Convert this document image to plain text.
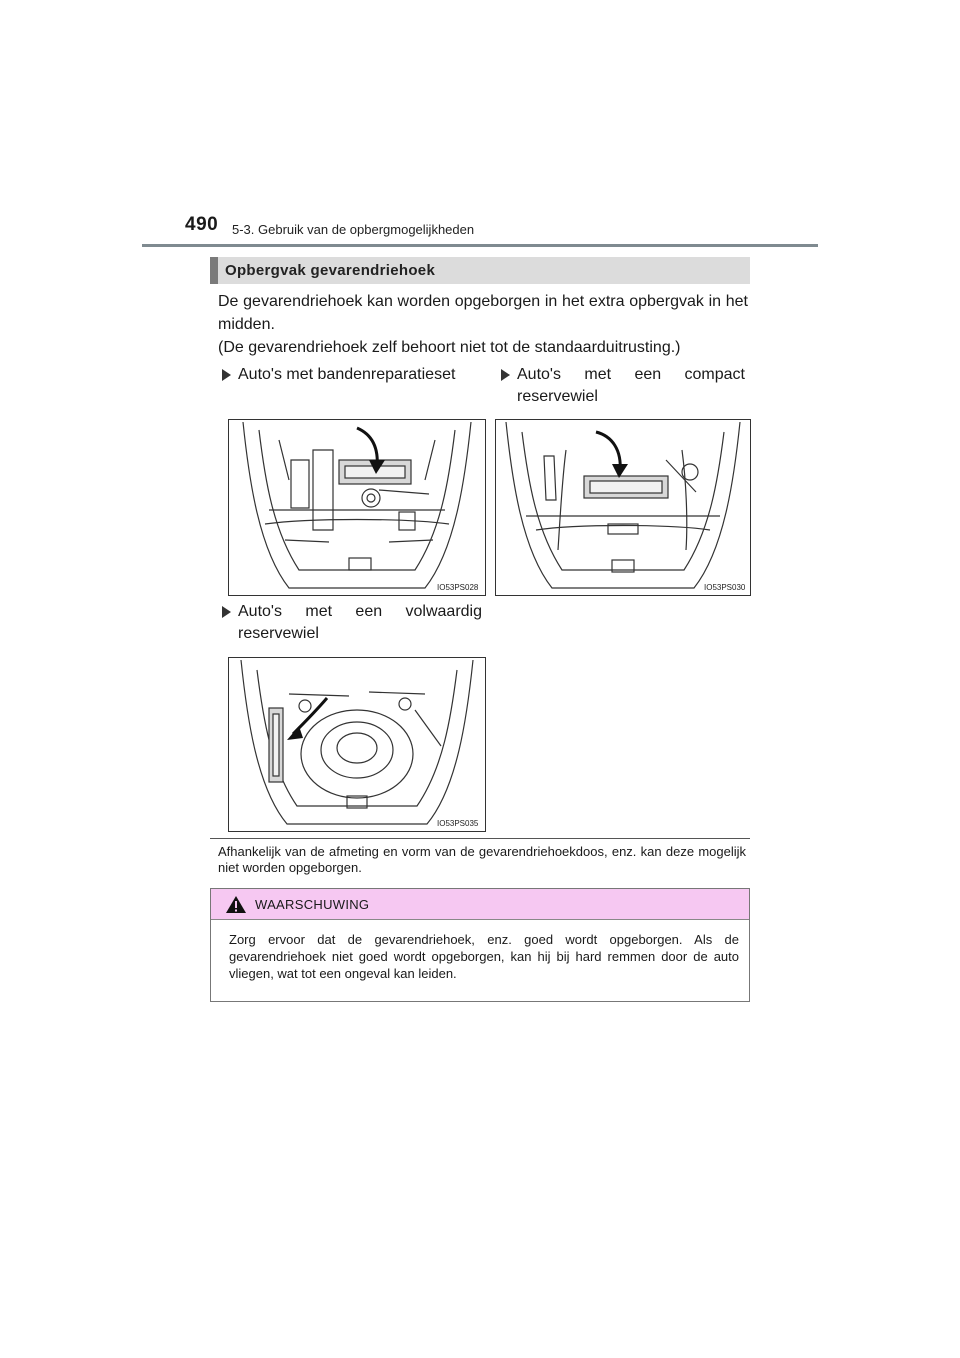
490 5-3. Gebruik van de opbergmogelijkheden
Opbergvak gevarendriehoek

De gevarendriehoek kan worden opgeborgen in het extra opbergvak in het midden.

(De gevarendriehoek zelf behoort niet tot de standaarduitrusting.)

Auto's met bandenreparatieset	Auto's met een compact reservewiel
IO53PS028	IO53PS030
Auto's met een volwaardig reservewiel
IO53PS035
Afhankelijk van de afmeting en vorm van de gevarendriehoekdoos, enz. kan deze mogelijk niet worden opgeborgen.
WAARSCHUWING
Zorg ervoor dat de gevarendriehoek, enz. goed wordt opgeborgen. Als de gevarendriehoek niet goed wordt opgeborgen, kan hij bij hard remmen door de auto vliegen, wat tot een ongeval kan leiden.
